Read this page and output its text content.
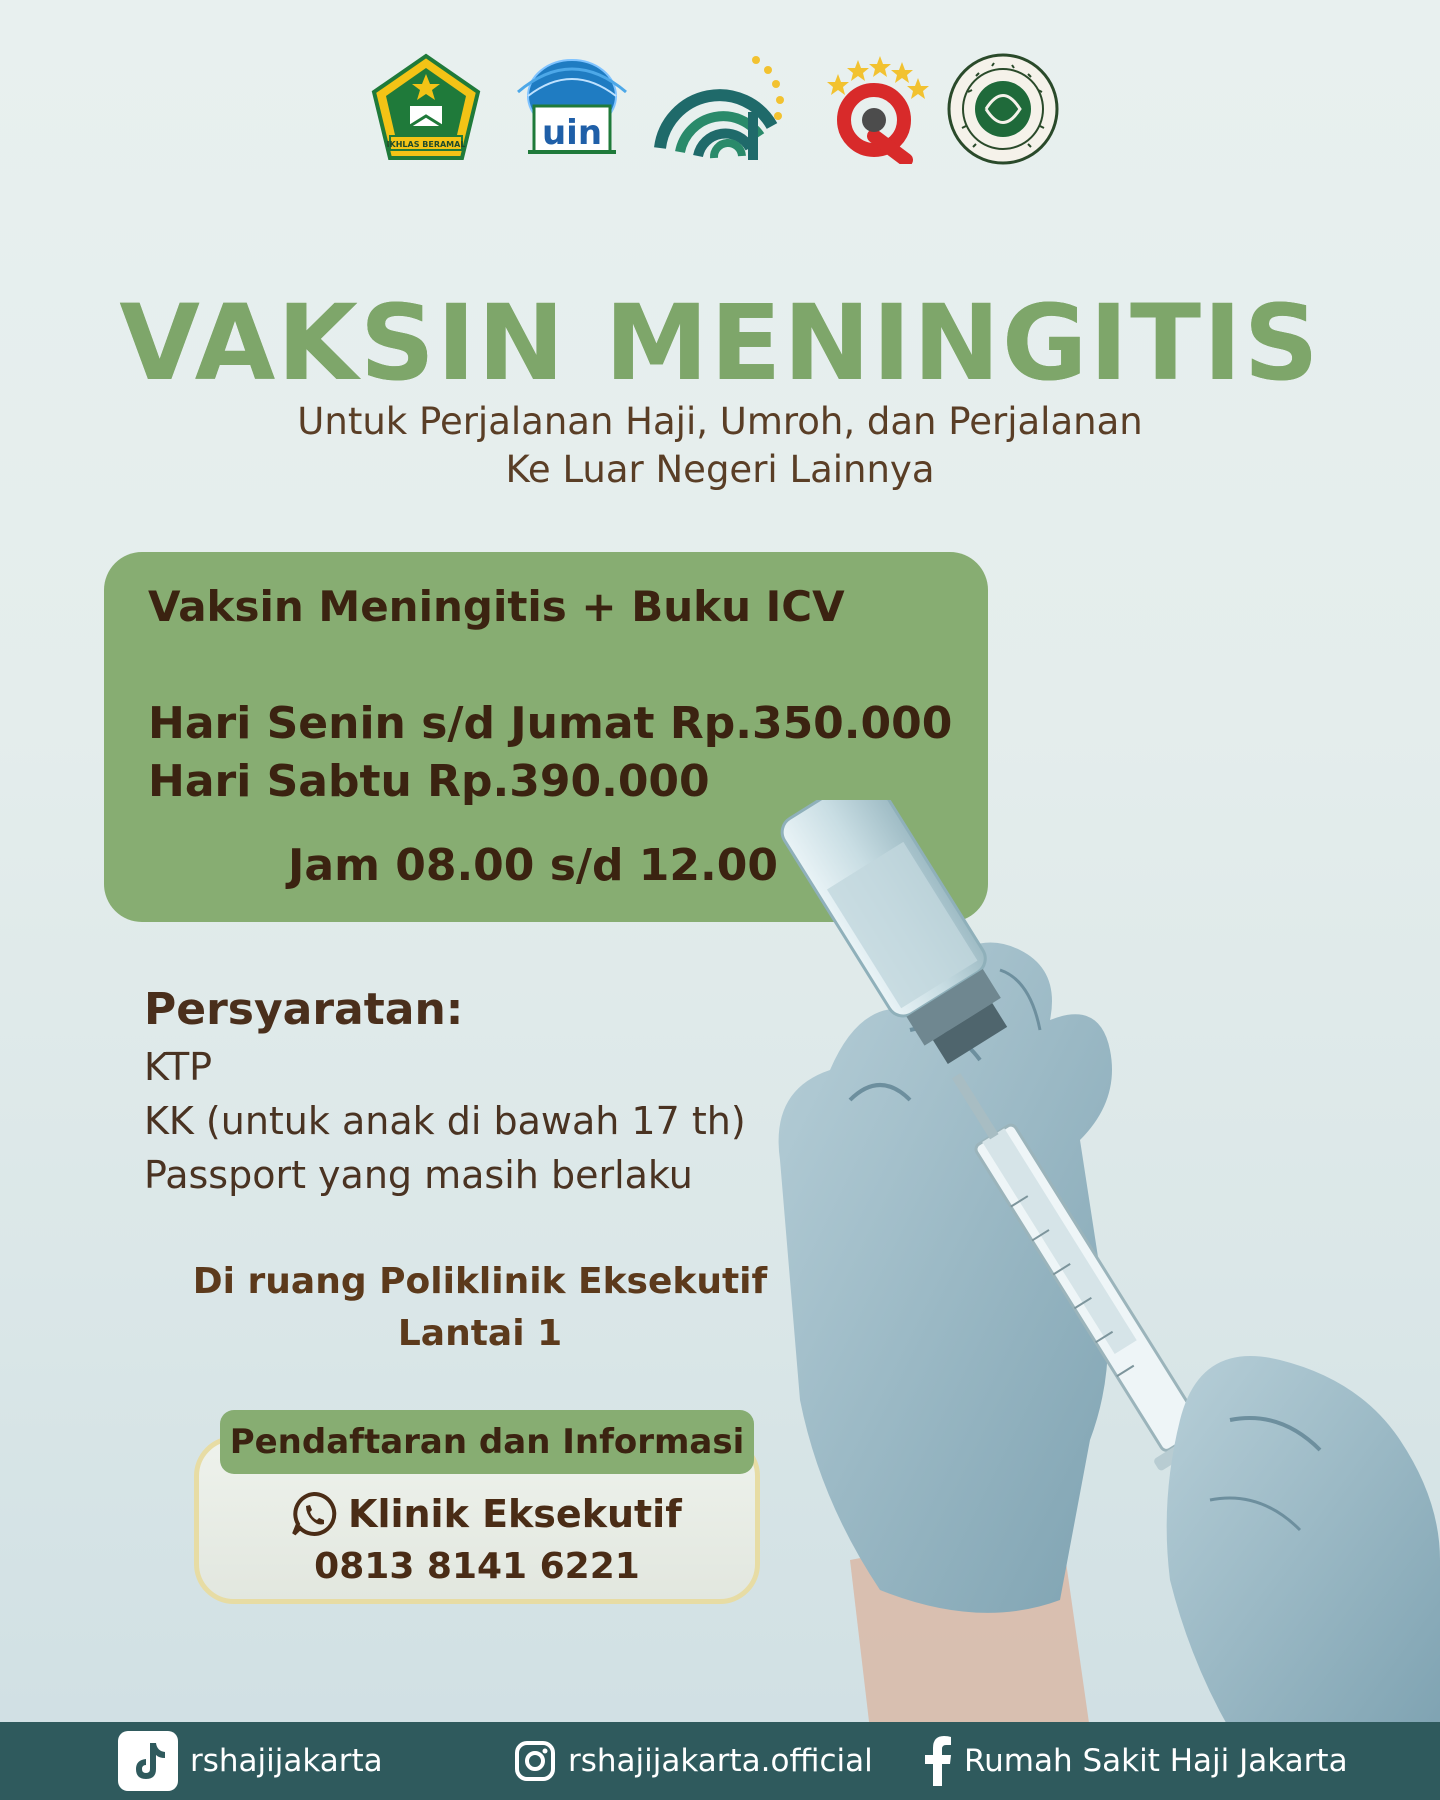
IKHLAS BERAMAL uin
VAKSIN MENINGITIS
Untuk Perjalanan Haji, Umroh, dan Perjalanan
Ke Luar Negeri Lainnya
Vaksin Meningitis + Buku ICV
Hari Senin s/d Jumat Rp.350.000
Hari Sabtu Rp.390.000
Jam 08.00 s/d 12.00
Persyaratan:
KTP
KK (untuk anak di bawah 17 th)
Passport yang masih berlaku
Di ruang Poliklinik Eksekutif
Lantai 1
Pendaftaran dan Informasi
Klinik Eksekutif
0813 8141 6221
rshajijakarta	rshajijakarta.official	Rumah Sakit Haji Jakarta
